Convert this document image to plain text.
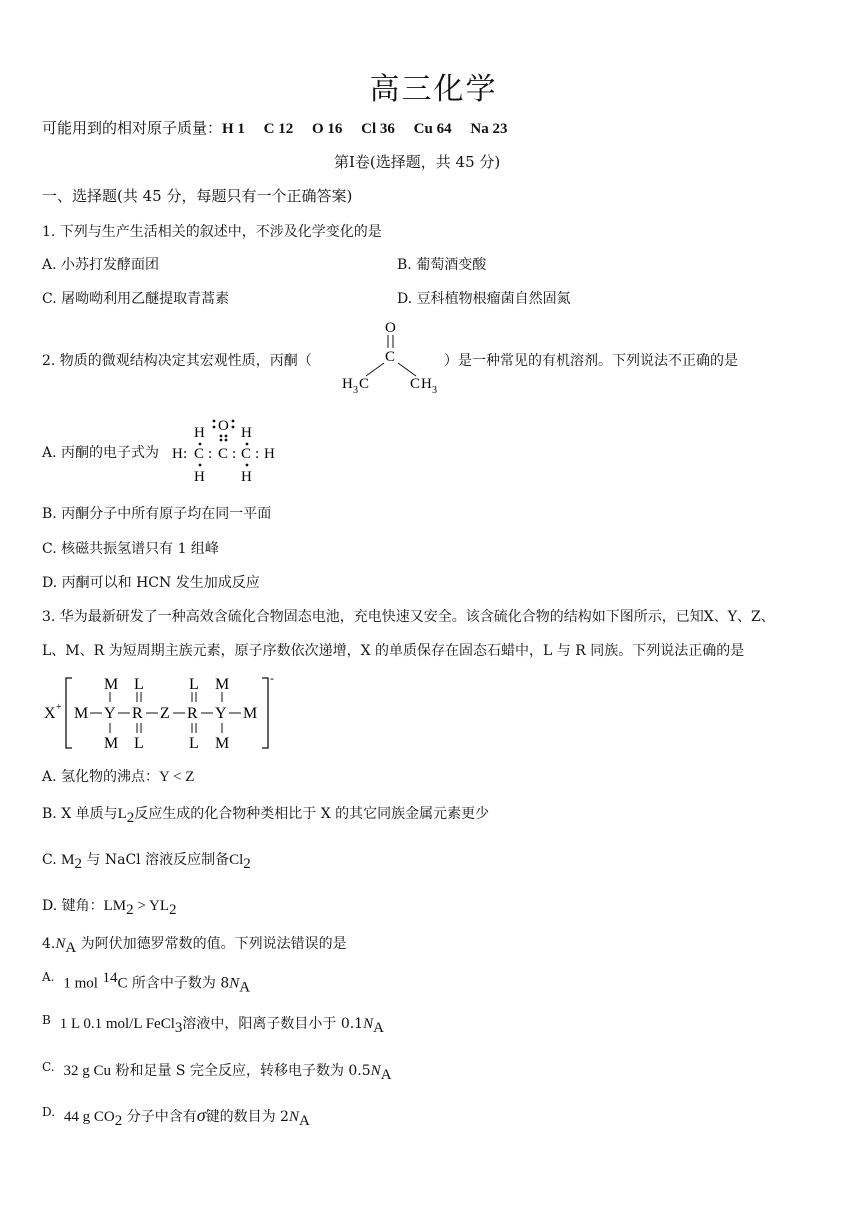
高三化学
可能用到的相对原子质量：H 1　 C 12　 O 16　 Cl 36　 Cu 64　 Na 23
第Ⅰ卷(选择题，共 45 分)
一、选择题(共 45 分，每题只有一个正确答案)
1. 下列与生产生活相关的叙述中，不涉及化学变化的是
A. 小苏打发酵面团	B. 葡萄酒变酸
C. 屠呦呦利用乙醚提取青蒿素	D. 豆科植物根瘤菌自然固氮
2. 物质的微观结构决定其宏观性质，丙酮（
O
C
H 3 C	C H 3
）是一种常见的有机溶剂。下列说法不正确的是
A. 丙酮的电子式为
H O H
H : C : C : C : H
H H
B. 丙酮分子中所有原子均在同一平面
C. 核磁共振氢谱只有 1 组峰
D. 丙酮可以和 HCN 发生加成反应
3. 华为最新研发了一种高效含硫化合物固态电池，充电快速又安全。该含硫化合物的结构如下图所示，已知X、Y、Z、
L、M、R 为短周期主族元素，原子序数依次递增，X 的单质保存在固态石蜡中，L 与 R 同族。下列说法正确的是
X +
-
M Y R Z R Y M
M L	L M
M L	L M
A. 氢化物的沸点：Y < Z
B. X 单质与$L_2$反应生成的化合物种类相比于 X 的其它同族金属元素更少
C. $M_2$ 与 NaCl 溶液反应制备$Cl_2$
D. 键角：$LM_2 > YL_2$
$4.N_A$ 为阿伏加德罗常数的值。下列说法错误的是
A. 1 mol $^{14}$C 所含中子数为 $8N_A$
B 1 L 0.1 mol/L FeCl$_3$溶液中，阳离子数目小于 $0.1N_A$
C. 32 g Cu 粉和足量 S 完全反应，转移电子数为 $0.5N_A$
D. 44 g $CO_2$ 分子中含有σ键的数目为 $2N_A$
